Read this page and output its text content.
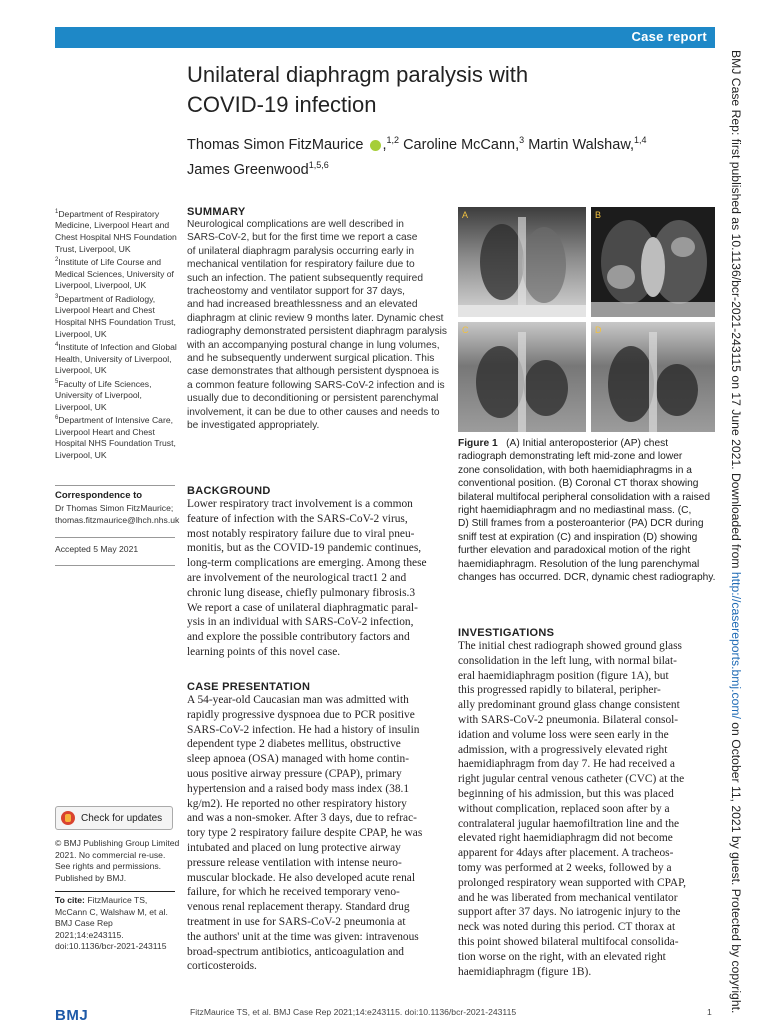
Case report
Unilateral diaphragm paralysis with
COVID-19 infection
Thomas Simon FitzMaurice ,$^{1,2}$ Caroline McCann,$^3$ Martin Walshaw,$^{1,4}$
James Greenwood$^{1,5,6}$

$^1$Department of Respiratory Medicine, Liverpool Heart and Chest Hospital NHS Foundation Trust, Liverpool, UK

$^2$Institute of Life Course and Medical Sciences, University of Liverpool, Liverpool, UK

$^3$Department of Radiology, Liverpool Heart and Chest Hospital NHS Foundation Trust, Liverpool, UK

$^4$Institute of Infection and Global Health, University of Liverpool, Liverpool, UK

$^5$Faculty of Life Sciences, University of Liverpool, Liverpool, UK

$^6$Department of Intensive Care, Liverpool Heart and Chest Hospital NHS Foundation Trust, Liverpool, UK

Correspondence to
Dr Thomas Simon FitzMaurice;
thomas.fitzmaurice@lhch.nhs.uk
Accepted 5 May 2021
Check for updates
© BMJ Publishing Group Limited 2021. No commercial re-use. See rights and permissions. Published by BMJ.
To cite: FitzMaurice TS, McCann C, Walshaw M, et al. BMJ Case Rep 2021;14:e243115. doi:10.1136/bcr-2021-243115
SUMMARY
Neurological complications are well described in
SARS-CoV-2, but for the first time we report a case
of unilateral diaphragm paralysis occurring early in
mechanical ventilation for respiratory failure due to
such an infection. The patient subsequently required
tracheostomy and ventilator support for 37 days,
and had increased breathlessness and an elevated
diaphragm at clinic review 9 months later. Dynamic chest
radiography demonstrated persistent diaphragm paralysis
with an accompanying postural change in lung volumes,
and he subsequently underwent surgical plication. This
case demonstrates that although persistent dyspnoea is
a common feature following SARS-CoV-2 infection and is
usually due to deconditioning or persistent parenchymal
involvement, it can be due to other causes and needs to
be investigated appropriately.
BACKGROUND
Lower respiratory tract involvement is a common
feature of infection with the SARS-CoV-2 virus,
most notably respiratory failure due to viral pneu-
monitis, but as the COVID-19 pandemic continues,
long-term complications are emerging. Among these
are involvement of the neurological tract1 2 and
chronic lung disease, chiefly pulmonary fibrosis.3
We report a case of unilateral diaphragmatic paral-
ysis in an individual with SARS-CoV-2 infection,
and explore the possible contributory factors and
learning points of this novel case.
CASE PRESENTATION
A 54-year-old Caucasian man was admitted with
rapidly progressive dyspnoea due to PCR positive
SARS-CoV-2 infection. He had a history of insulin
dependent type 2 diabetes mellitus, obstructive
sleep apnoea (OSA) managed with home contin-
uous positive airway pressure (CPAP), primary
hypertension and a raised body mass index (38.1
kg/m2). He reported no other respiratory history
and was a non-smoker. After 3 days, due to refrac-
tory type 2 respiratory failure despite CPAP, he was
intubated and placed on lung protective airway
pressure release ventilation with intense neuro-
muscular blockade. He also developed acute renal
failure, for which he received temporary veno-
venous renal replacement therapy. Standard drug
treatment in use for SARS-CoV-2 pneumonia at
the authors' unit at the time was given: intravenous
broad-spectrum antibiotics, anticoagulation and
corticosteroids.
A	B
C	D
Figure 1   (A) Initial anteroposterior (AP) chest
radiograph demonstrating left mid-zone and lower
zone consolidation, with both haemidiaphragms in a
conventional position. (B) Coronal CT thorax showing
bilateral multifocal peripheral consolidation with a raised
right haemidiaphragm and no mediastinal mass. (C,
D) Still frames from a posteroanterior (PA) DCR during
sniff test at expiration (C) and inspiration (D) showing
further elevation and paradoxical motion of the right
haemidiaphragm. Resolution of the lung parenchymal
changes has occurred. DCR, dynamic chest radiography.
INVESTIGATIONS
The initial chest radiograph showed ground glass
consolidation in the left lung, with normal bilat-
eral haemidiaphragm position (figure 1A), but
this progressed rapidly to bilateral, peripher-
ally predominant ground glass change consistent
with SARS-CoV-2 pneumonia. Bilateral consol-
idation and volume loss were seen early in the
admission, with a progressively elevated right
haemidiaphragm from day 7. He had received a
right jugular central venous catheter (CVC) at the
beginning of his admission, but this was placed
without complication, replaced soon after by a
contralateral jugular haemofiltration line and the
elevated right haemidiaphragm did not become
apparent for 4days after placement. A tracheos-
tomy was performed at 2 weeks, followed by a
prolonged respiratory wean supported with CPAP,
and he was liberated from mechanical ventilator
support after 37 days. No iatrogenic injury to the
neck was noted during this period. CT thorax at
this point showed bilateral multifocal consolida-
tion worse on the right, with an elevated right
haemidiaphragm (figure 1B).
BMJ	FitzMaurice TS, et al. BMJ Case Rep 2021;14:e243115. doi:10.1136/bcr-2021-243115	1
BMJ Case Rep: first published as 10.1136/bcr-2021-243115 on 17 June 2021. Downloaded from http://casereports.bmj.com/ on October 11, 2021 by guest. Protected by copyright.
